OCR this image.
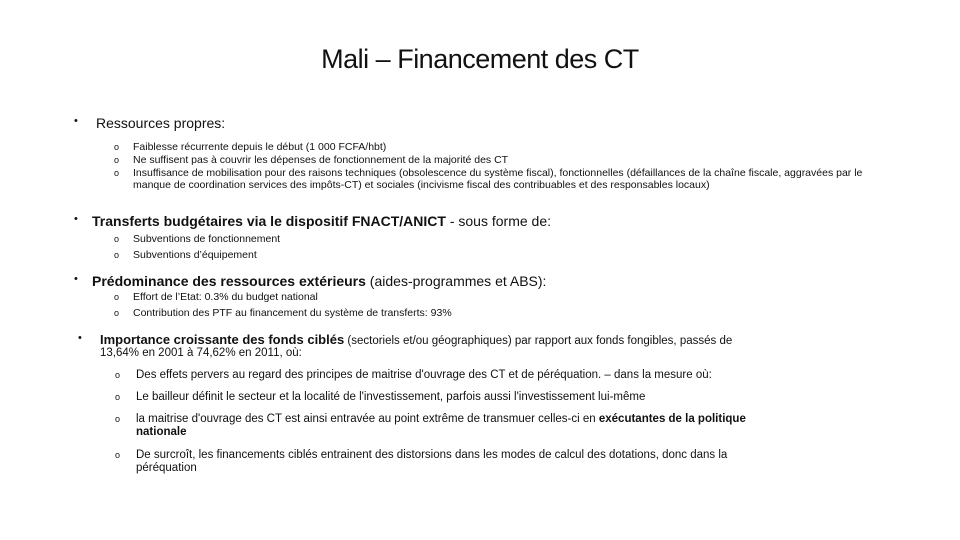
Mali – Financement des CT
• Ressources propres:
o Faiblesse récurrente depuis le début (1 000 FCFA/hbt)
o Ne suffisent pas à couvrir les dépenses de fonctionnement de la majorité des CT
o Insuffisance de mobilisation pour des raisons techniques (obsolescence du système fiscal), fonctionnelles (défaillances de la chaîne fiscale, aggravées par le manque de coordination services des impôts-CT) et sociales (incivisme fiscal des contribuables et des responsables locaux)
• Transferts budgétaires via le dispositif FNACT/ANICT - sous forme de:
o Subventions de fonctionnement
o Subventions d’équipement
• Prédominance des ressources extérieurs (aides-programmes et ABS):
o Effort de l’Etat: 0.3% du budget national
o Contribution des PTF au financement du système de transferts: 93%
• Importance croissante des fonds ciblés (sectoriels et/ou géographiques) par rapport aux fonds fongibles, passés de
13,64% en 2001 à 74,62% en 2011, où:
o Des effets pervers au regard des principes de maitrise d'ouvrage des CT et de péréquation. – dans la mesure où:
o Le bailleur définit le secteur et la localité de l'investissement, parfois aussi l'investissement lui-même
o la maitrise d'ouvrage des CT est ainsi entravée au point extrême de transmuer celles-ci en exécutantes de la politique
nationale
o De surcroît, les financements ciblés entrainent des distorsions dans les modes de calcul des dotations, donc dans la
péréquation
